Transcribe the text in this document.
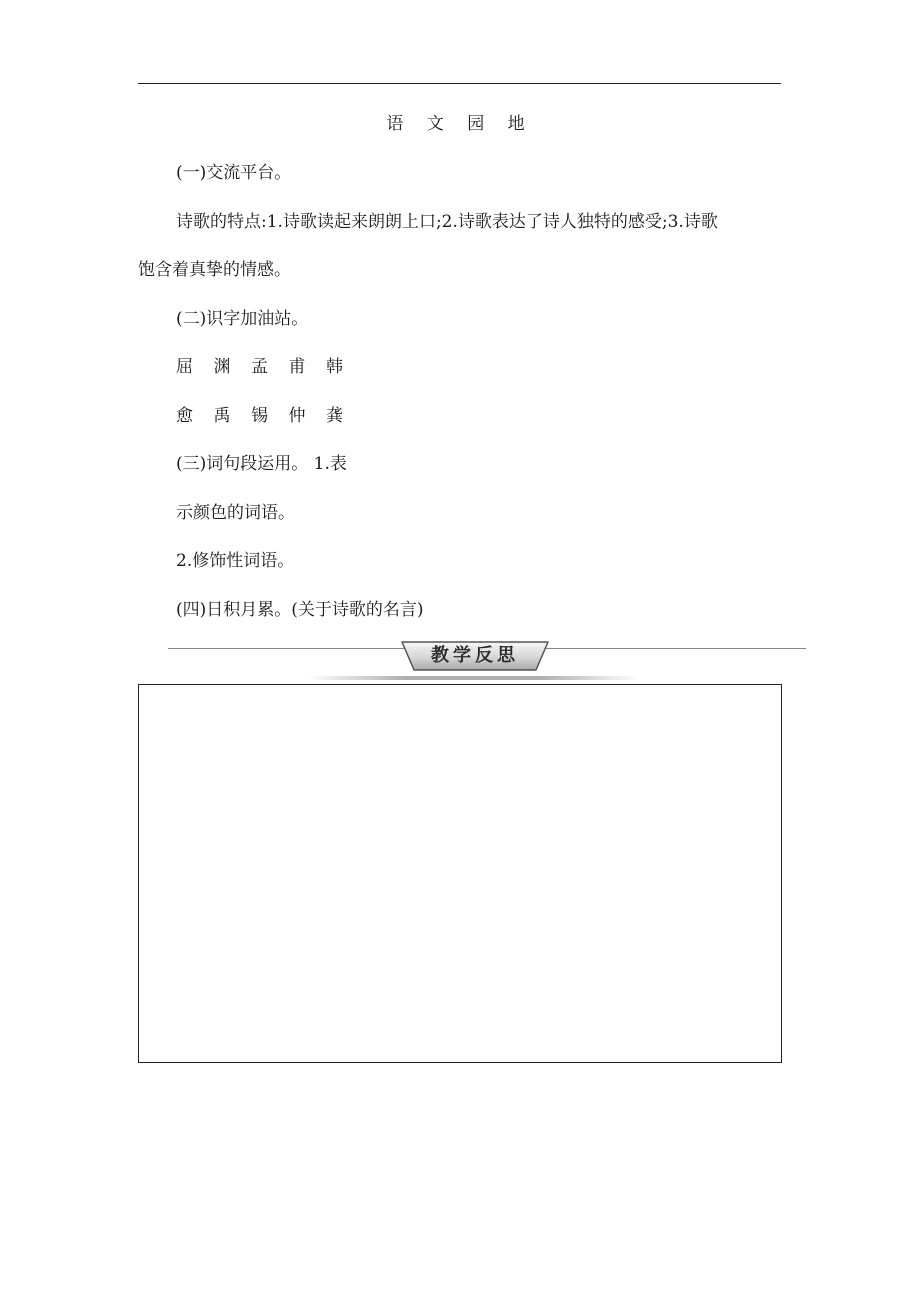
语 文 园 地
(一)交流平台。
诗歌的特点:1.诗歌读起来朗朗上口;2.诗歌表达了诗人独特的感受;3.诗歌
饱含着真挚的情感。
(二)识字加油站。
屈 渊 孟 甫 韩
愈 禹 锡 仲 龚
(三)词句段运用。 1.表
示颜色的词语。
2.修饰性词语。
(四)日积月累。(关于诗歌的名言)
教学反思
